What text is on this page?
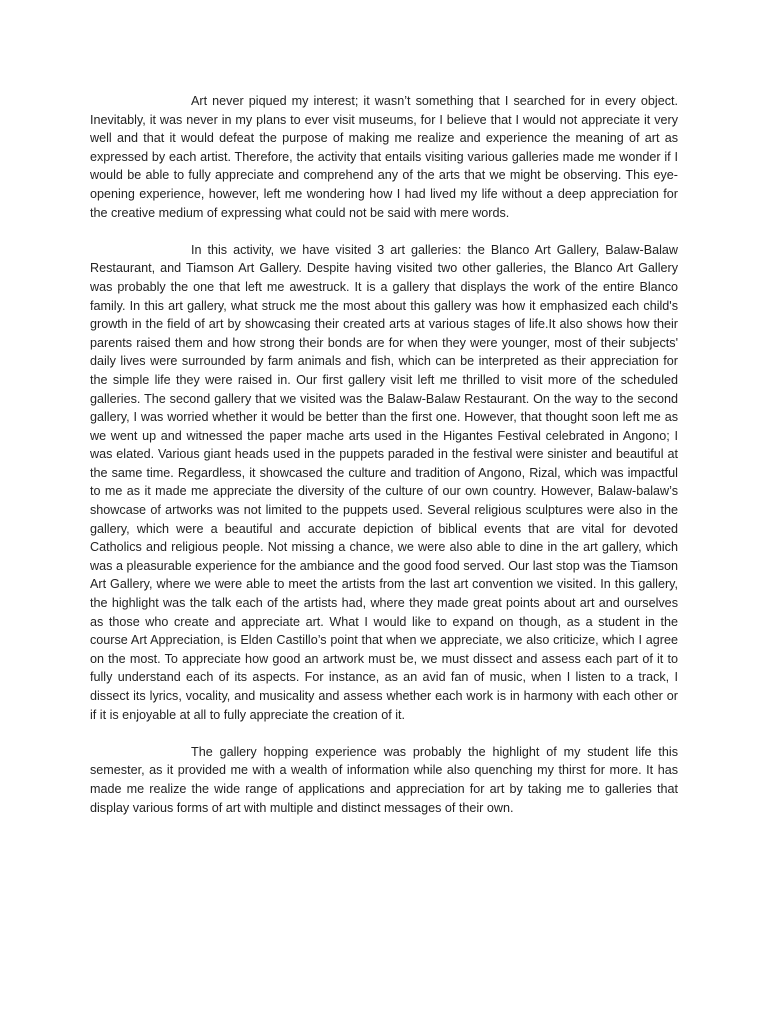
Art never piqued my interest; it wasn’t something that I searched for in every object. Inevitably, it was never in my plans to ever visit museums, for I believe that I would not appreciate it very well and that it would defeat the purpose of making me realize and experience the meaning of art as expressed by each artist. Therefore, the activity that entails visiting various galleries made me wonder if I would be able to fully appreciate and comprehend any of the arts that we might be observing. This eye-opening experience, however, left me wondering how I had lived my life without a deep appreciation for the creative medium of expressing what could not be said with mere words.

In this activity, we have visited 3 art galleries: the Blanco Art Gallery, Balaw-Balaw Restaurant, and Tiamson Art Gallery. Despite having visited two other galleries, the Blanco Art Gallery was probably the one that left me awestruck. It is a gallery that displays the work of the entire Blanco family. In this art gallery, what struck me the most about this gallery was how it emphasized each child's growth in the field of art by showcasing their created arts at various stages of life.It also shows how their parents raised them and how strong their bonds are for when they were younger, most of their subjects' daily lives were surrounded by farm animals and fish, which can be interpreted as their appreciation for the simple life they were raised in. Our first gallery visit left me thrilled to visit more of the scheduled galleries. The second gallery that we visited was the Balaw-Balaw Restaurant. On the way to the second gallery, I was worried whether it would be better than the first one. However, that thought soon left me as we went up and witnessed the paper mache arts used in the Higantes Festival celebrated in Angono; I was elated. Various giant heads used in the puppets paraded in the festival were sinister and beautiful at the same time. Regardless, it showcased the culture and tradition of Angono, Rizal, which was impactful to me as it made me appreciate the diversity of the culture of our own country. However, Balaw-balaw’s showcase of artworks was not limited to the puppets used. Several religious sculptures were also in the gallery, which were a beautiful and accurate depiction of biblical events that are vital for devoted Catholics and religious people. Not missing a chance, we were also able to dine in the art gallery, which was a pleasurable experience for the ambiance and the good food served. Our last stop was the Tiamson Art Gallery, where we were able to meet the artists from the last art convention we visited. In this gallery, the highlight was the talk each of the artists had, where they made great points about art and ourselves as those who create and appreciate art. What I would like to expand on though, as a student in the course Art Appreciation, is Elden Castillo’s point that when we appreciate, we also criticize, which I agree on the most. To appreciate how good an artwork must be, we must dissect and assess each part of it to fully understand each of its aspects. For instance, as an avid fan of music, when I listen to a track, I dissect its lyrics, vocality, and musicality and assess whether each work is in harmony with each other or if it is enjoyable at all to fully appreciate the creation of it.

The gallery hopping experience was probably the highlight of my student life this semester, as it provided me with a wealth of information while also quenching my thirst for more. It has made me realize the wide range of applications and appreciation for art by taking me to galleries that display various forms of art with multiple and distinct messages of their own.
